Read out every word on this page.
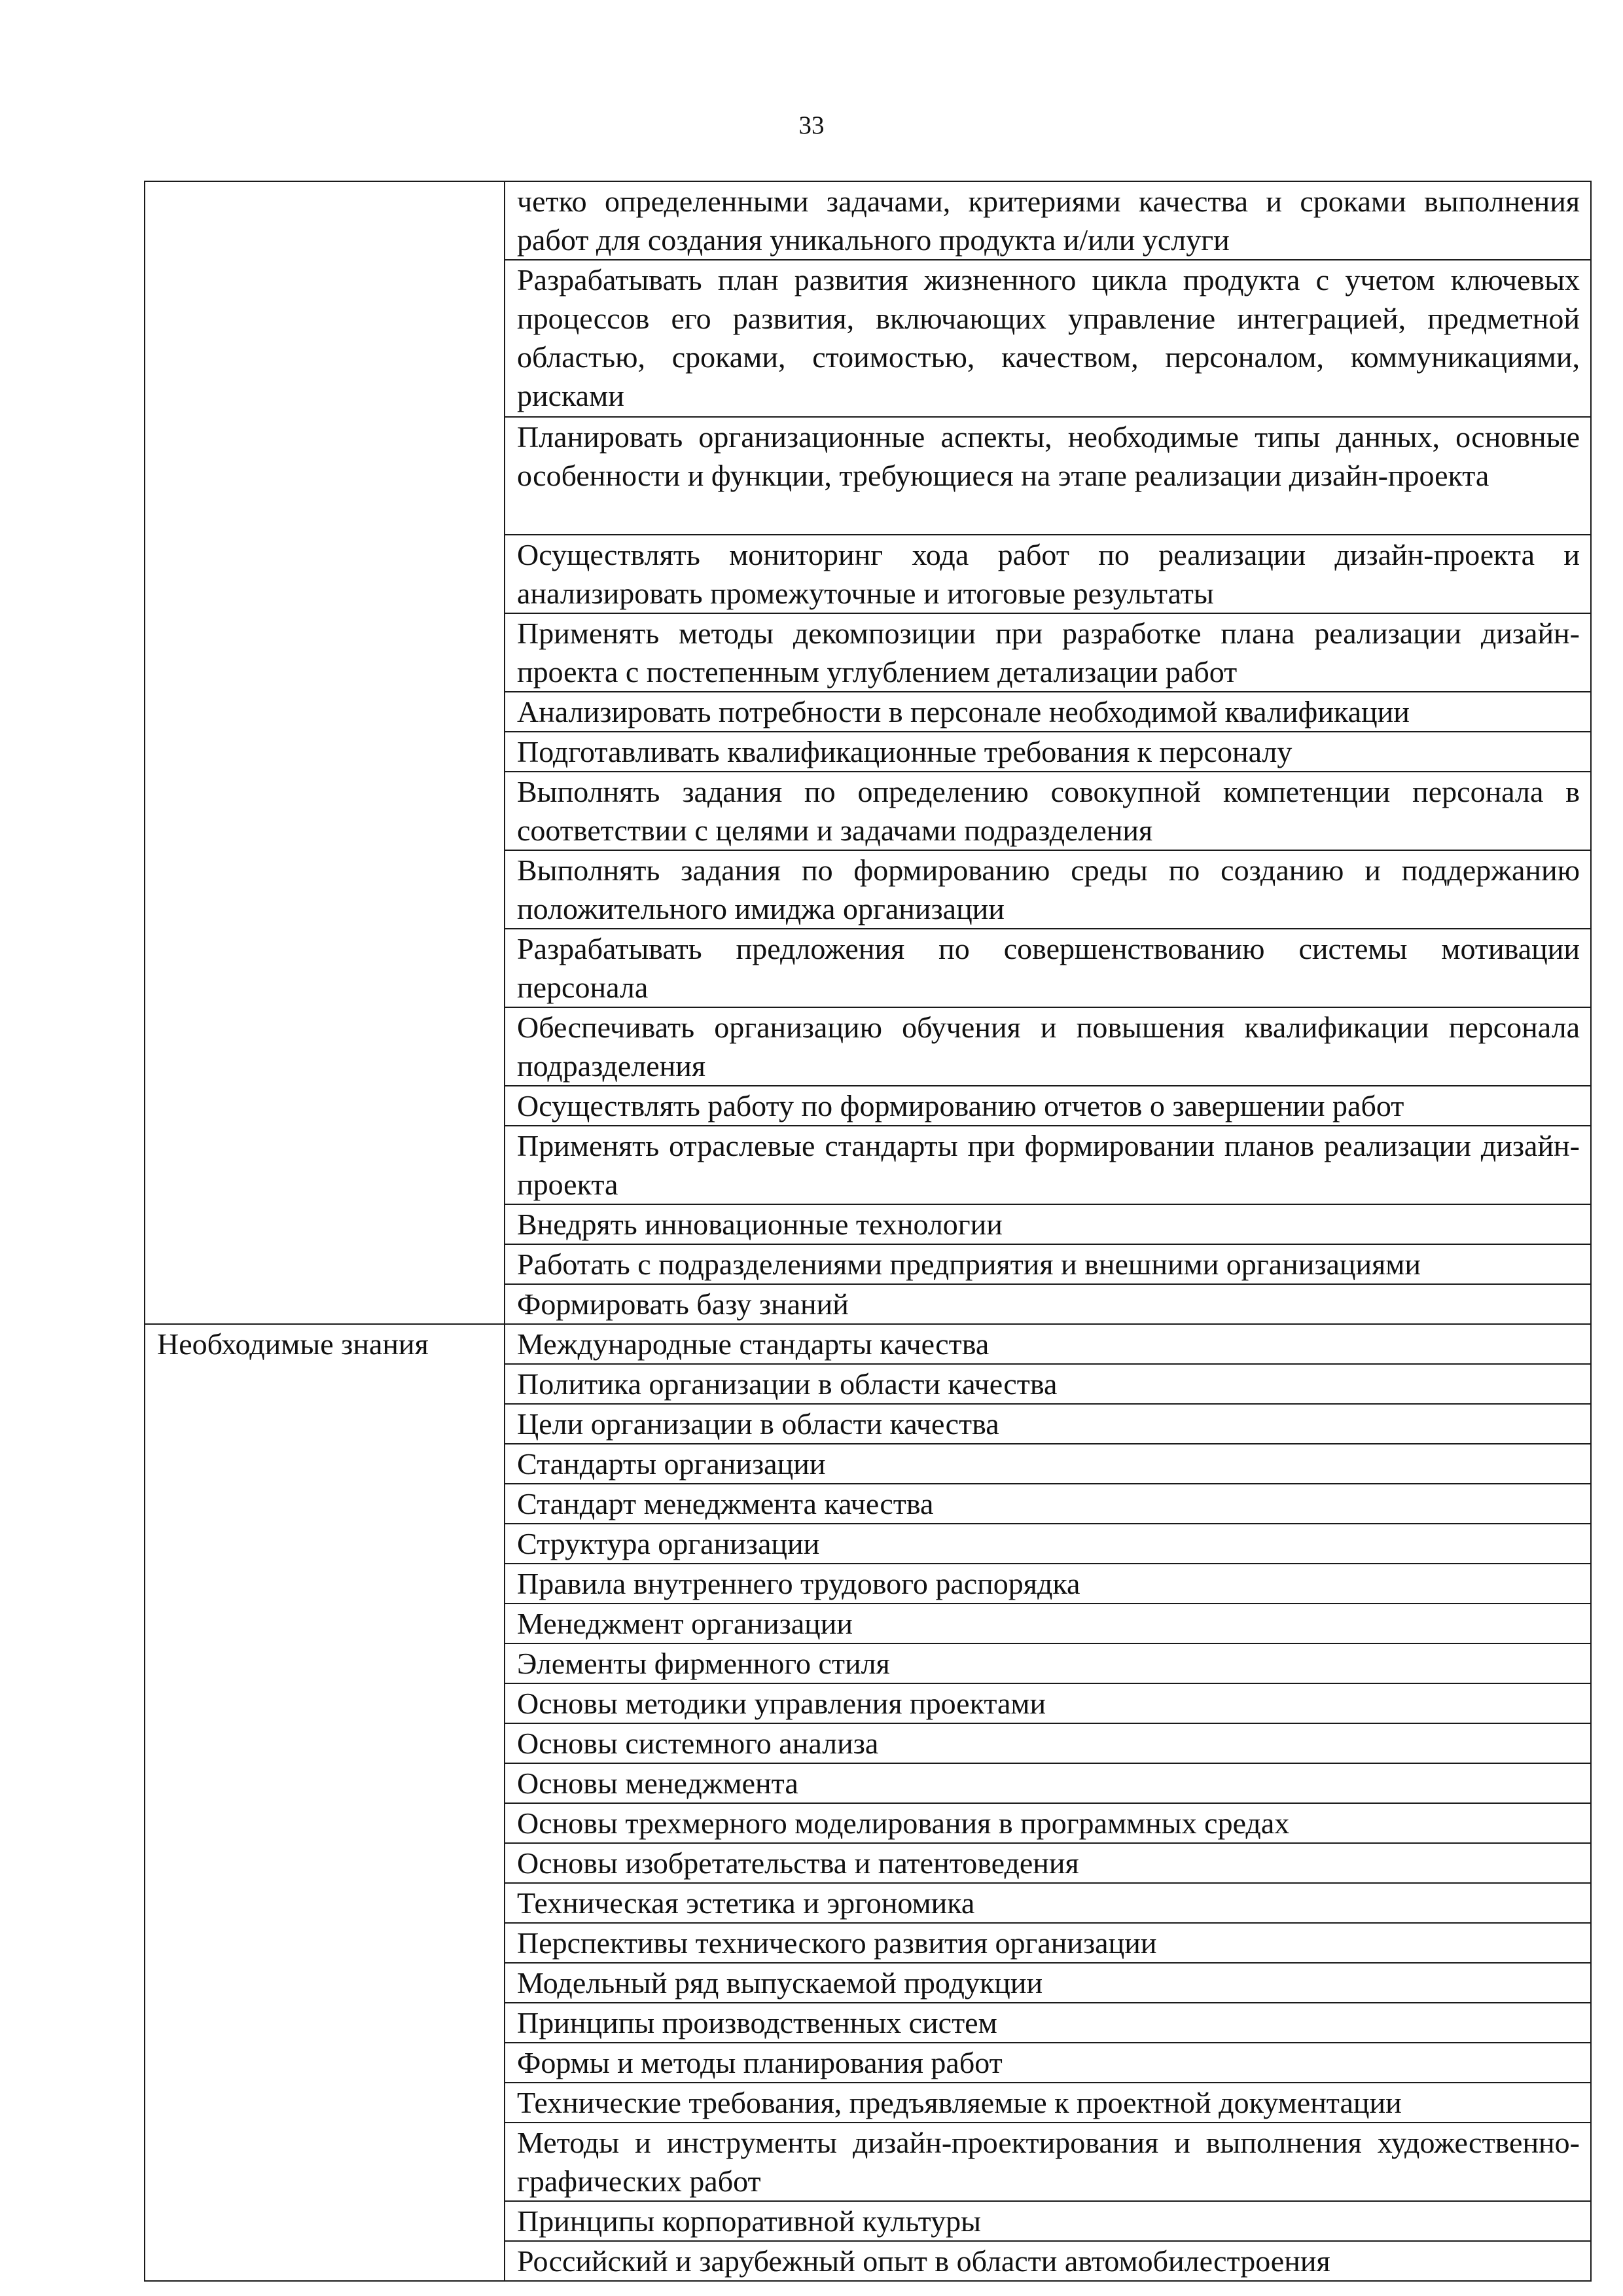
33
	четко определенными задачами, критериями качества и сроками выполнения работ для создания уникального продукта и/или услуги
	Разрабатывать план развития жизненного цикла продукта с учетом ключевых процессов его развития, включающих управление интеграцией, предметной областью, сроками, стоимостью, качеством, персоналом, коммуникациями, рисками
	Планировать организационные аспекты, необходимые типы данных, основные особенности и функции, требующиеся на этапе реализации дизайн-проекта
	Осуществлять мониторинг хода работ по реализации дизайн-проекта и анализировать промежуточные и итоговые результаты
	Применять методы декомпозиции при разработке плана реализации дизайн-проекта с постепенным углублением детализации работ
	Анализировать потребности в персонале необходимой квалификации
	Подготавливать квалификационные требования к персоналу
	Выполнять задания по определению совокупной компетенции персонала в соответствии с целями и задачами подразделения
	Выполнять задания по формированию среды по созданию и поддержанию положительного имиджа организации
	Разрабатывать предложения по совершенствованию системы мотивации персонала
	Обеспечивать организацию обучения и повышения квалификации персонала подразделения
	Осуществлять работу по формированию отчетов о завершении работ
	Применять отраслевые стандарты при формировании планов реализации дизайн-проекта
	Внедрять инновационные технологии
	Работать с подразделениями предприятия и внешними организациями
	Формировать базу знаний
Необходимые знания	Международные стандарты качества
	Политика организации в области качества
	Цели организации в области качества
	Стандарты организации
	Стандарт менеджмента качества
	Структура организации
	Правила внутреннего трудового распорядка
	Менеджмент организации
	Элементы фирменного стиля
	Основы методики управления проектами
	Основы системного анализа
	Основы менеджмента
	Основы трехмерного моделирования в программных средах
	Основы изобретательства и патентоведения
	Техническая эстетика и эргономика
	Перспективы технического развития организации
	Модельный ряд выпускаемой продукции
	Принципы производственных систем
	Формы и методы планирования работ
	Технические требования, предъявляемые к проектной документации
	Методы и инструменты дизайн-проектирования и выполнения художественно-графических работ
	Принципы корпоративной культуры
	Российский и зарубежный опыт в области автомобилестроения
